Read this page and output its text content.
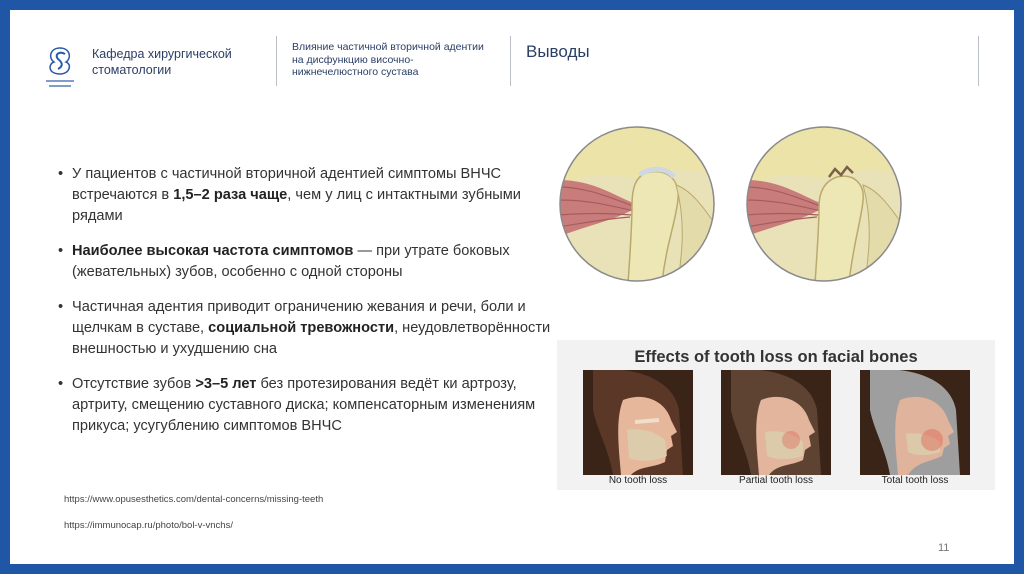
Кафедра хирургической стоматологии
Влияние частичной вторичной адентии на дисфункцию височно-нижнечелюстного сустава
Выводы
• У пациентов с частичной вторичной адентией симптомы ВНЧС встречаются в 1,5–2 раза чаще, чем у лиц с интактными зубными рядами
• Наиболее высокая частота симптомов — при утрате боковых (жевательных) зубов, особенно с одной стороны
• Частичная адентия приводит ограничению жевания и речи, боли и щелчкам в суставе, социальной тревожности, неудовлетворённости внешностью и ухудшению сна
• Отсутствие зубов >3–5 лет без протезирования ведёт ки артрозу, артриту, смещению суставного диска; компенсаторным изменениям прикуса; усугублению симптомов ВНЧС
https://www.opusesthetics.com/dental-concerns/missing-teeth
https://immunocap.ru/photo/bol-v-vnchs/
Effects of tooth loss on facial bones
No tooth loss	Partial tooth loss	Total tooth loss
11
